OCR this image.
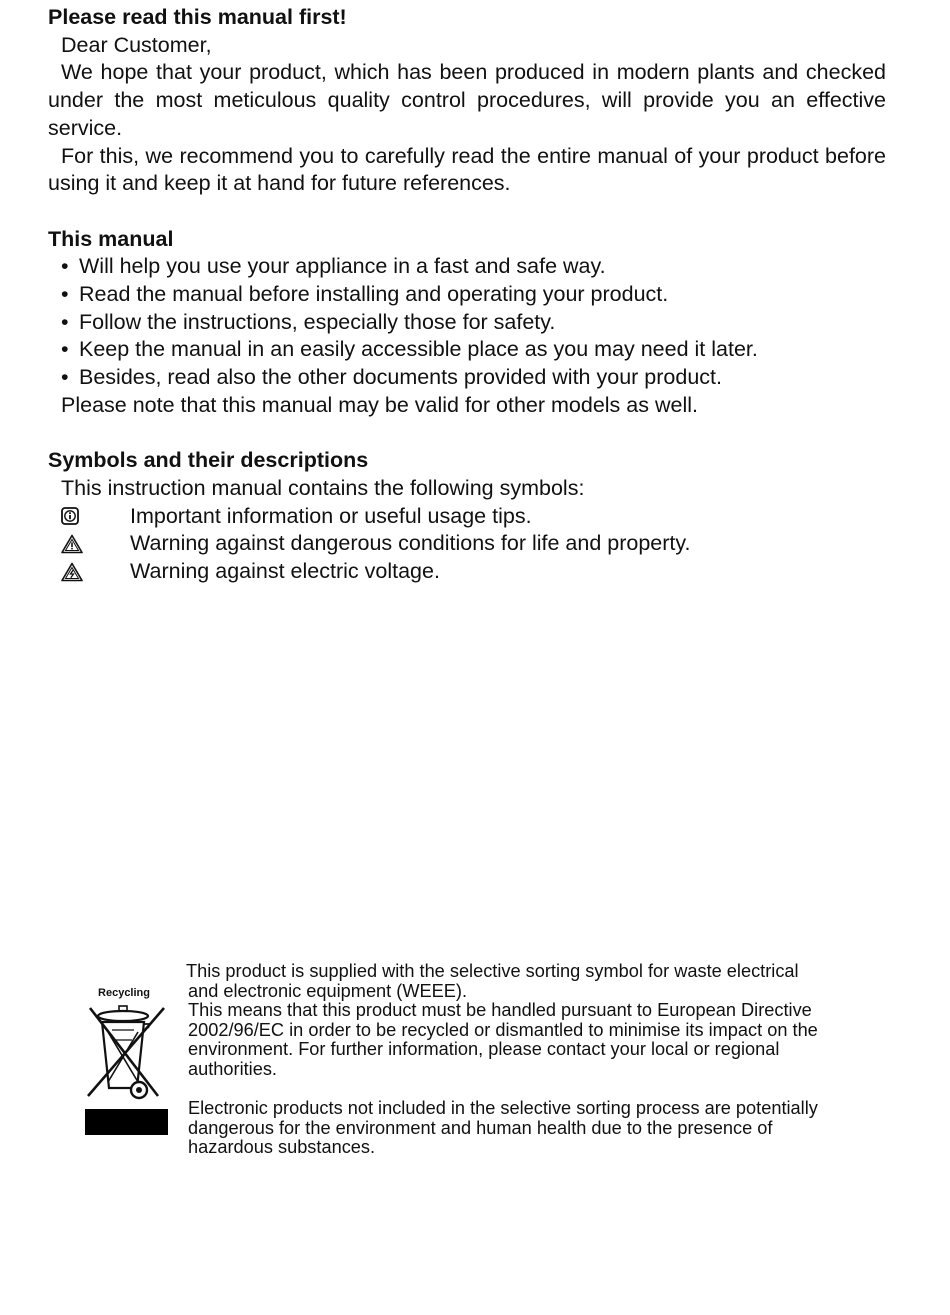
Please read this manual first!

Dear Customer,

We hope that your product, which has been produced in modern plants and checked under the most meticulous quality control procedures, will provide you an effective service.

For this, we recommend you to carefully read the entire manual of your product before using it and keep it at hand for future references.

This manual

• Will help you use your appliance in a fast and safe way.
• Read the manual before installing and operating your product.
• Follow the instructions, especially those for safety.
• Keep the manual in an easily accessible place as you may need it later.
• Besides, read also the other documents provided with your product.

Please note that this manual may be valid for other models as well.

Symbols and their descriptions

This instruction manual contains the following symbols:

Important information or useful usage tips.
Warning against dangerous conditions for life and property.
Warning against electric voltage.
Recycling

This product is supplied with the selective sorting symbol for waste electrical

and electronic equipment (WEEE).

This means that this product must be handled pursuant to European Directive 2002/96/EC in order to be recycled or dismantled to minimise its impact on the environment. For further information, please contact your local or regional authorities.

Electronic products not included in the selective sorting process are potentially dangerous for the environment and human health due to the presence of hazardous substances.
